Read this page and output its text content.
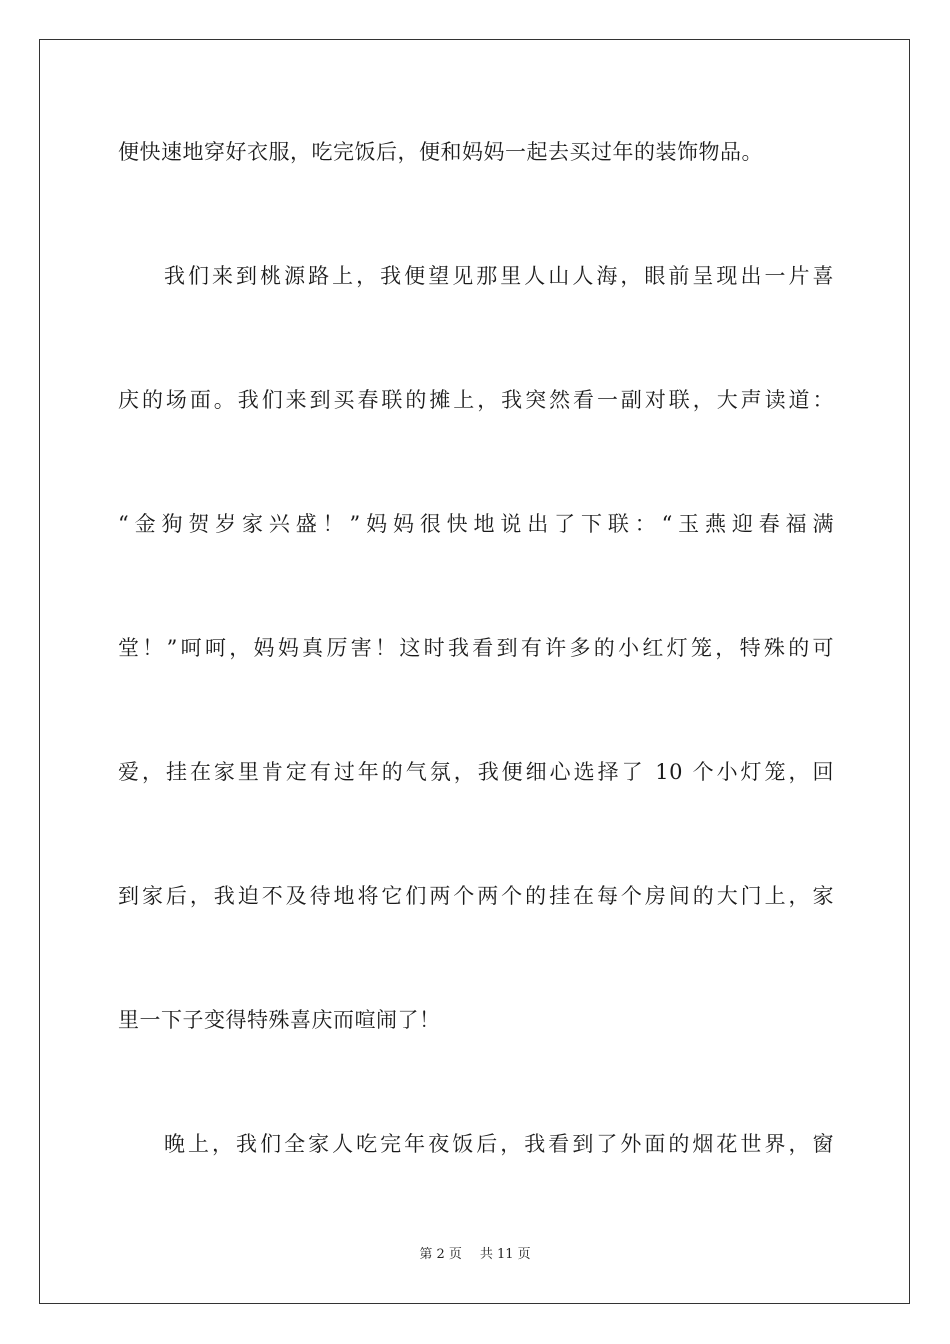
便快速地穿好衣服，吃完饭后，便和妈妈一起去买过年的装饰物品。
我们来到桃源路上，我便望见那里人山人海，眼前呈现出一片喜
庆的场面。我们来到买春联的摊上，我突然看一副对联，大声读道：
“金狗贺岁家兴盛！”妈妈很快地说出了下联：“玉燕迎春福满
堂！”呵呵，妈妈真厉害！这时我看到有许多的小红灯笼，特殊的可
爱，挂在家里肯定有过年的气氛，我便细心选择了 10 个小灯笼，回
到家后，我迫不及待地将它们两个两个的挂在每个房间的大门上，家
里一下子变得特殊喜庆而喧闹了！
晚上，我们全家人吃完年夜饭后，我看到了外面的烟花世界，窗
第 2 页 共 11 页
